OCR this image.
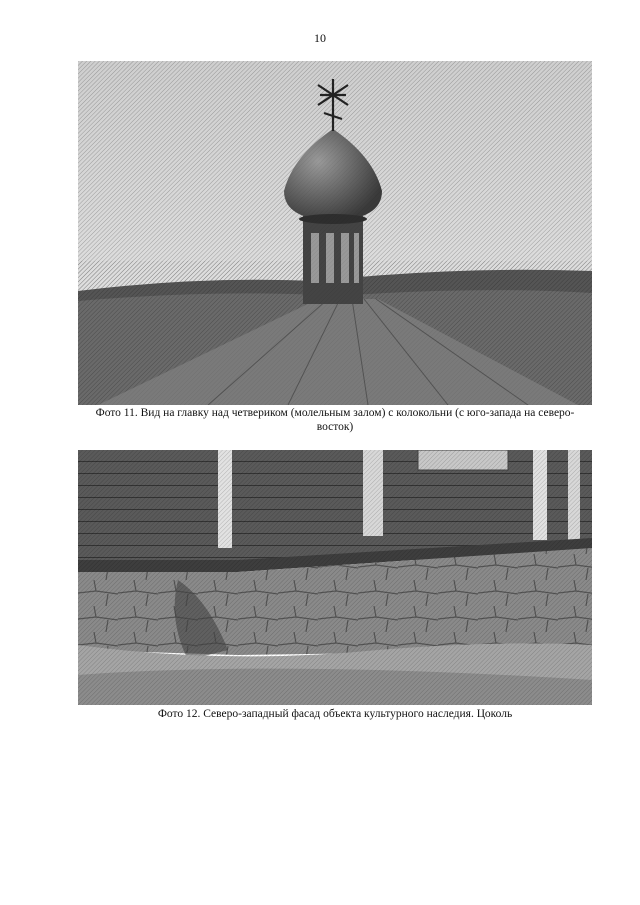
10
Фото 11. Вид на главку над четвериком (молельным залом) с колокольни (с юго-запада на северо-восток)
Фото 12. Северо-западный фасад объекта культурного наследия. Цоколь
